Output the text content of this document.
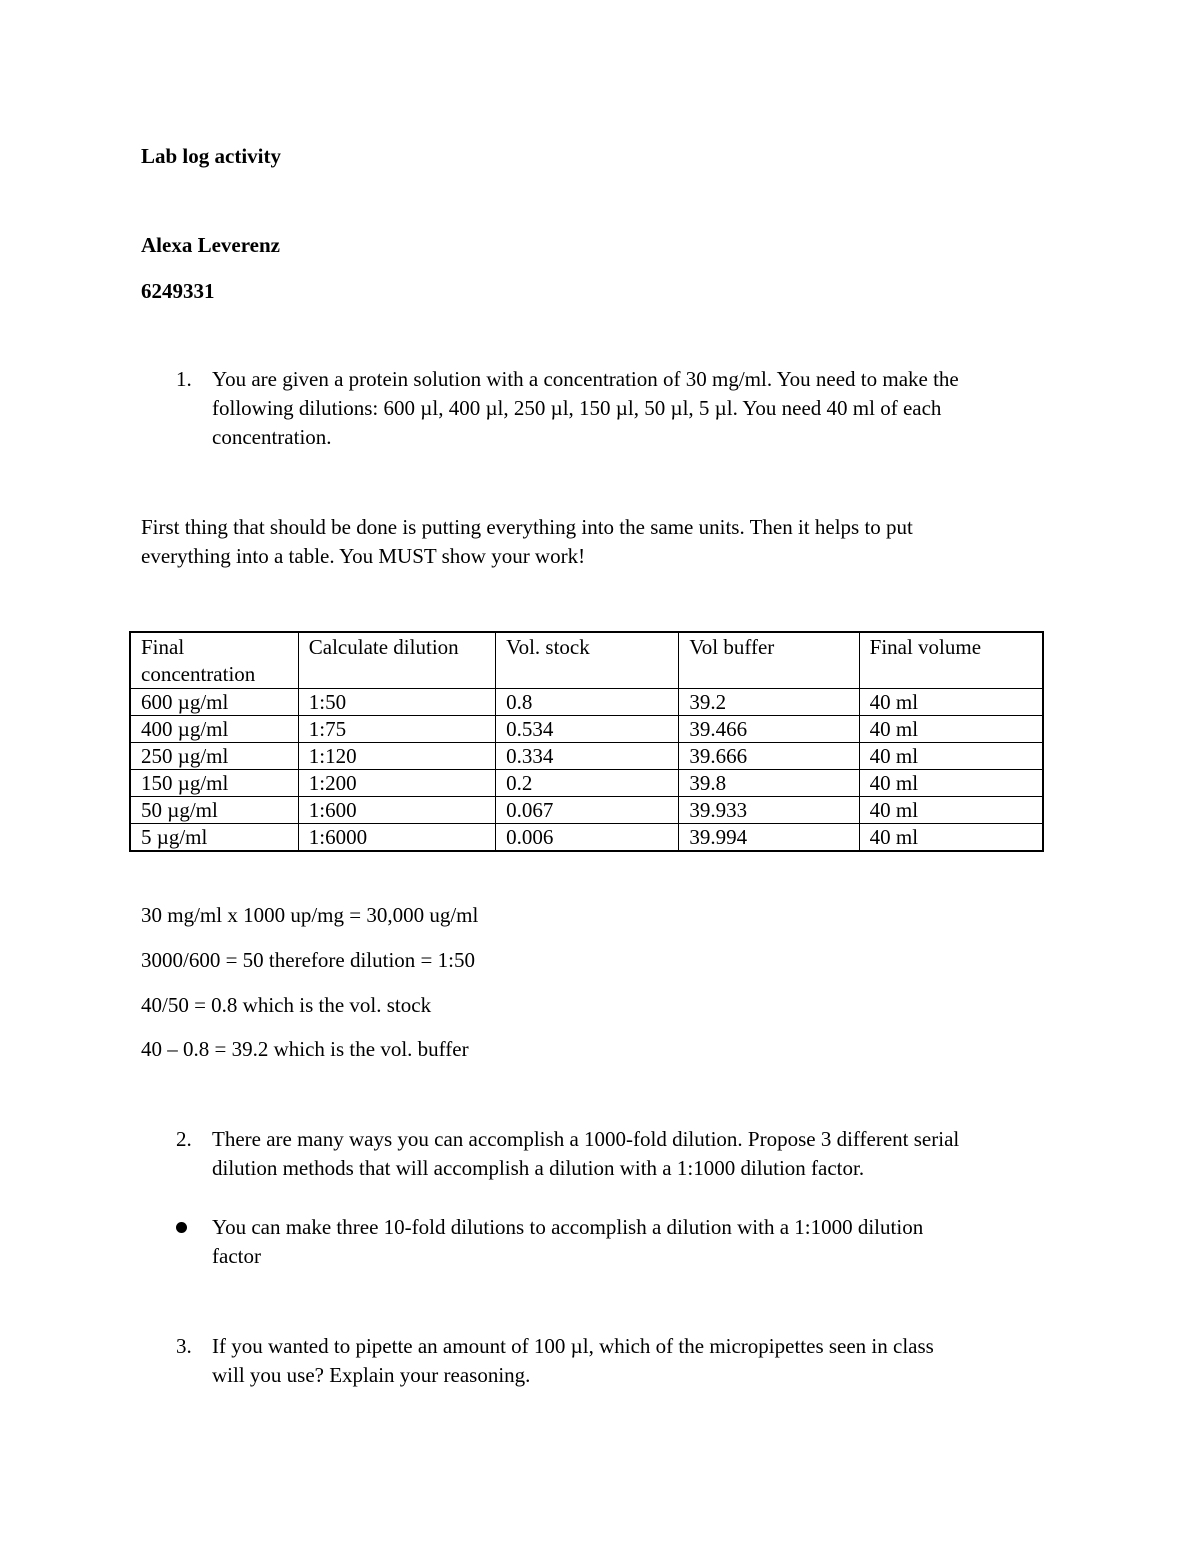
Lab log activity
Alexa Leverenz
6249331
1. You are given a protein solution with a concentration of 30 mg/ml. You need to make the
following dilutions: 600 µl, 400 µl, 250 µl, 150 µl, 50 µl, 5 µl. You need 40 ml of each
concentration.
First thing that should be done is putting everything into the same units. Then it helps to put
everything into a table. You MUST show your work!
Final
concentration	Calculate dilution	Vol. stock	Vol buffer	Final volume
600 µg/ml	1:50	0.8	39.2	40 ml
400 µg/ml	1:75	0.534	39.466	40 ml
250 µg/ml	1:120	0.334	39.666	40 ml
150 µg/ml	1:200	0.2	39.8	40 ml
50 µg/ml	1:600	0.067	39.933	40 ml
5 µg/ml	1:6000	0.006	39.994	40 ml
30 mg/ml x 1000 up/mg = 30,000 ug/ml
3000/600 = 50 therefore dilution = 1:50
40/50 = 0.8 which is the vol. stock
40 – 0.8 = 39.2 which is the vol. buffer
2. There are many ways you can accomplish a 1000-fold dilution. Propose 3 different serial
dilution methods that will accomplish a dilution with a 1:1000 dilution factor.
You can make three 10-fold dilutions to accomplish a dilution with a 1:1000 dilution
factor
3. If you wanted to pipette an amount of 100 µl, which of the micropipettes seen in class
will you use? Explain your reasoning.
